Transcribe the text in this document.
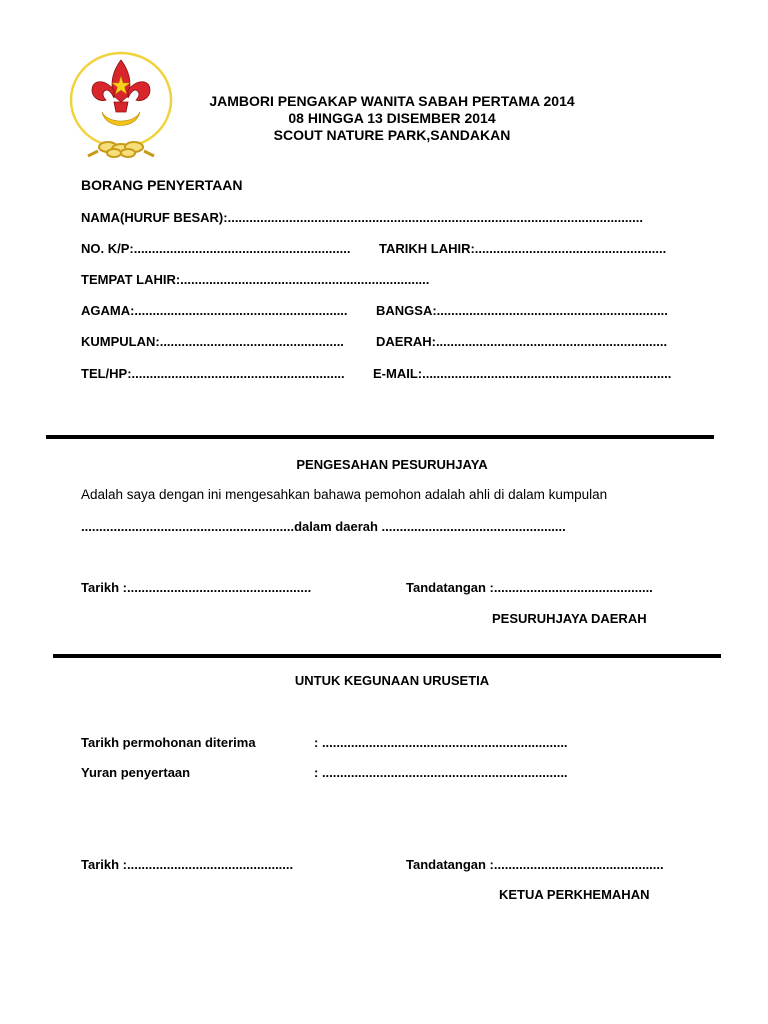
JAMBORI PENGAKAP WANITA SABAH PERTAMA 2014
08 HINGGA 13 DISEMBER 2014
SCOUT NATURE PARK,SANDAKAN
BORANG PENYERTAAN
NAMA(HURUF BESAR):...................................................................................................................
NO. K/P:............................................................ TARIKH LAHIR:.....................................................
TEMPAT LAHIR:.....................................................................
AGAMA:........................................................... BANGSA:................................................................
KUMPULAN:................................................... DAERAH:................................................................
TEL/HP:........................................................... E-MAIL:.....................................................................
PENGESAHAN PESURUHJAYA
Adalah saya dengan ini mengesahkan bahawa pemohon adalah ahli di dalam kumpulan
...........................................................dalam daerah ...................................................
Tarikh :...................................................	Tandatangan :............................................
PESURUHJAYA DAERAH
UNTUK KEGUNAAN URUSETIA
Tarikh permohonan diterima	: ....................................................................
Yuran penyertaan	: ....................................................................
Tarikh :..............................................	Tandatangan :...............................................
KETUA PERKHEMAHAN
